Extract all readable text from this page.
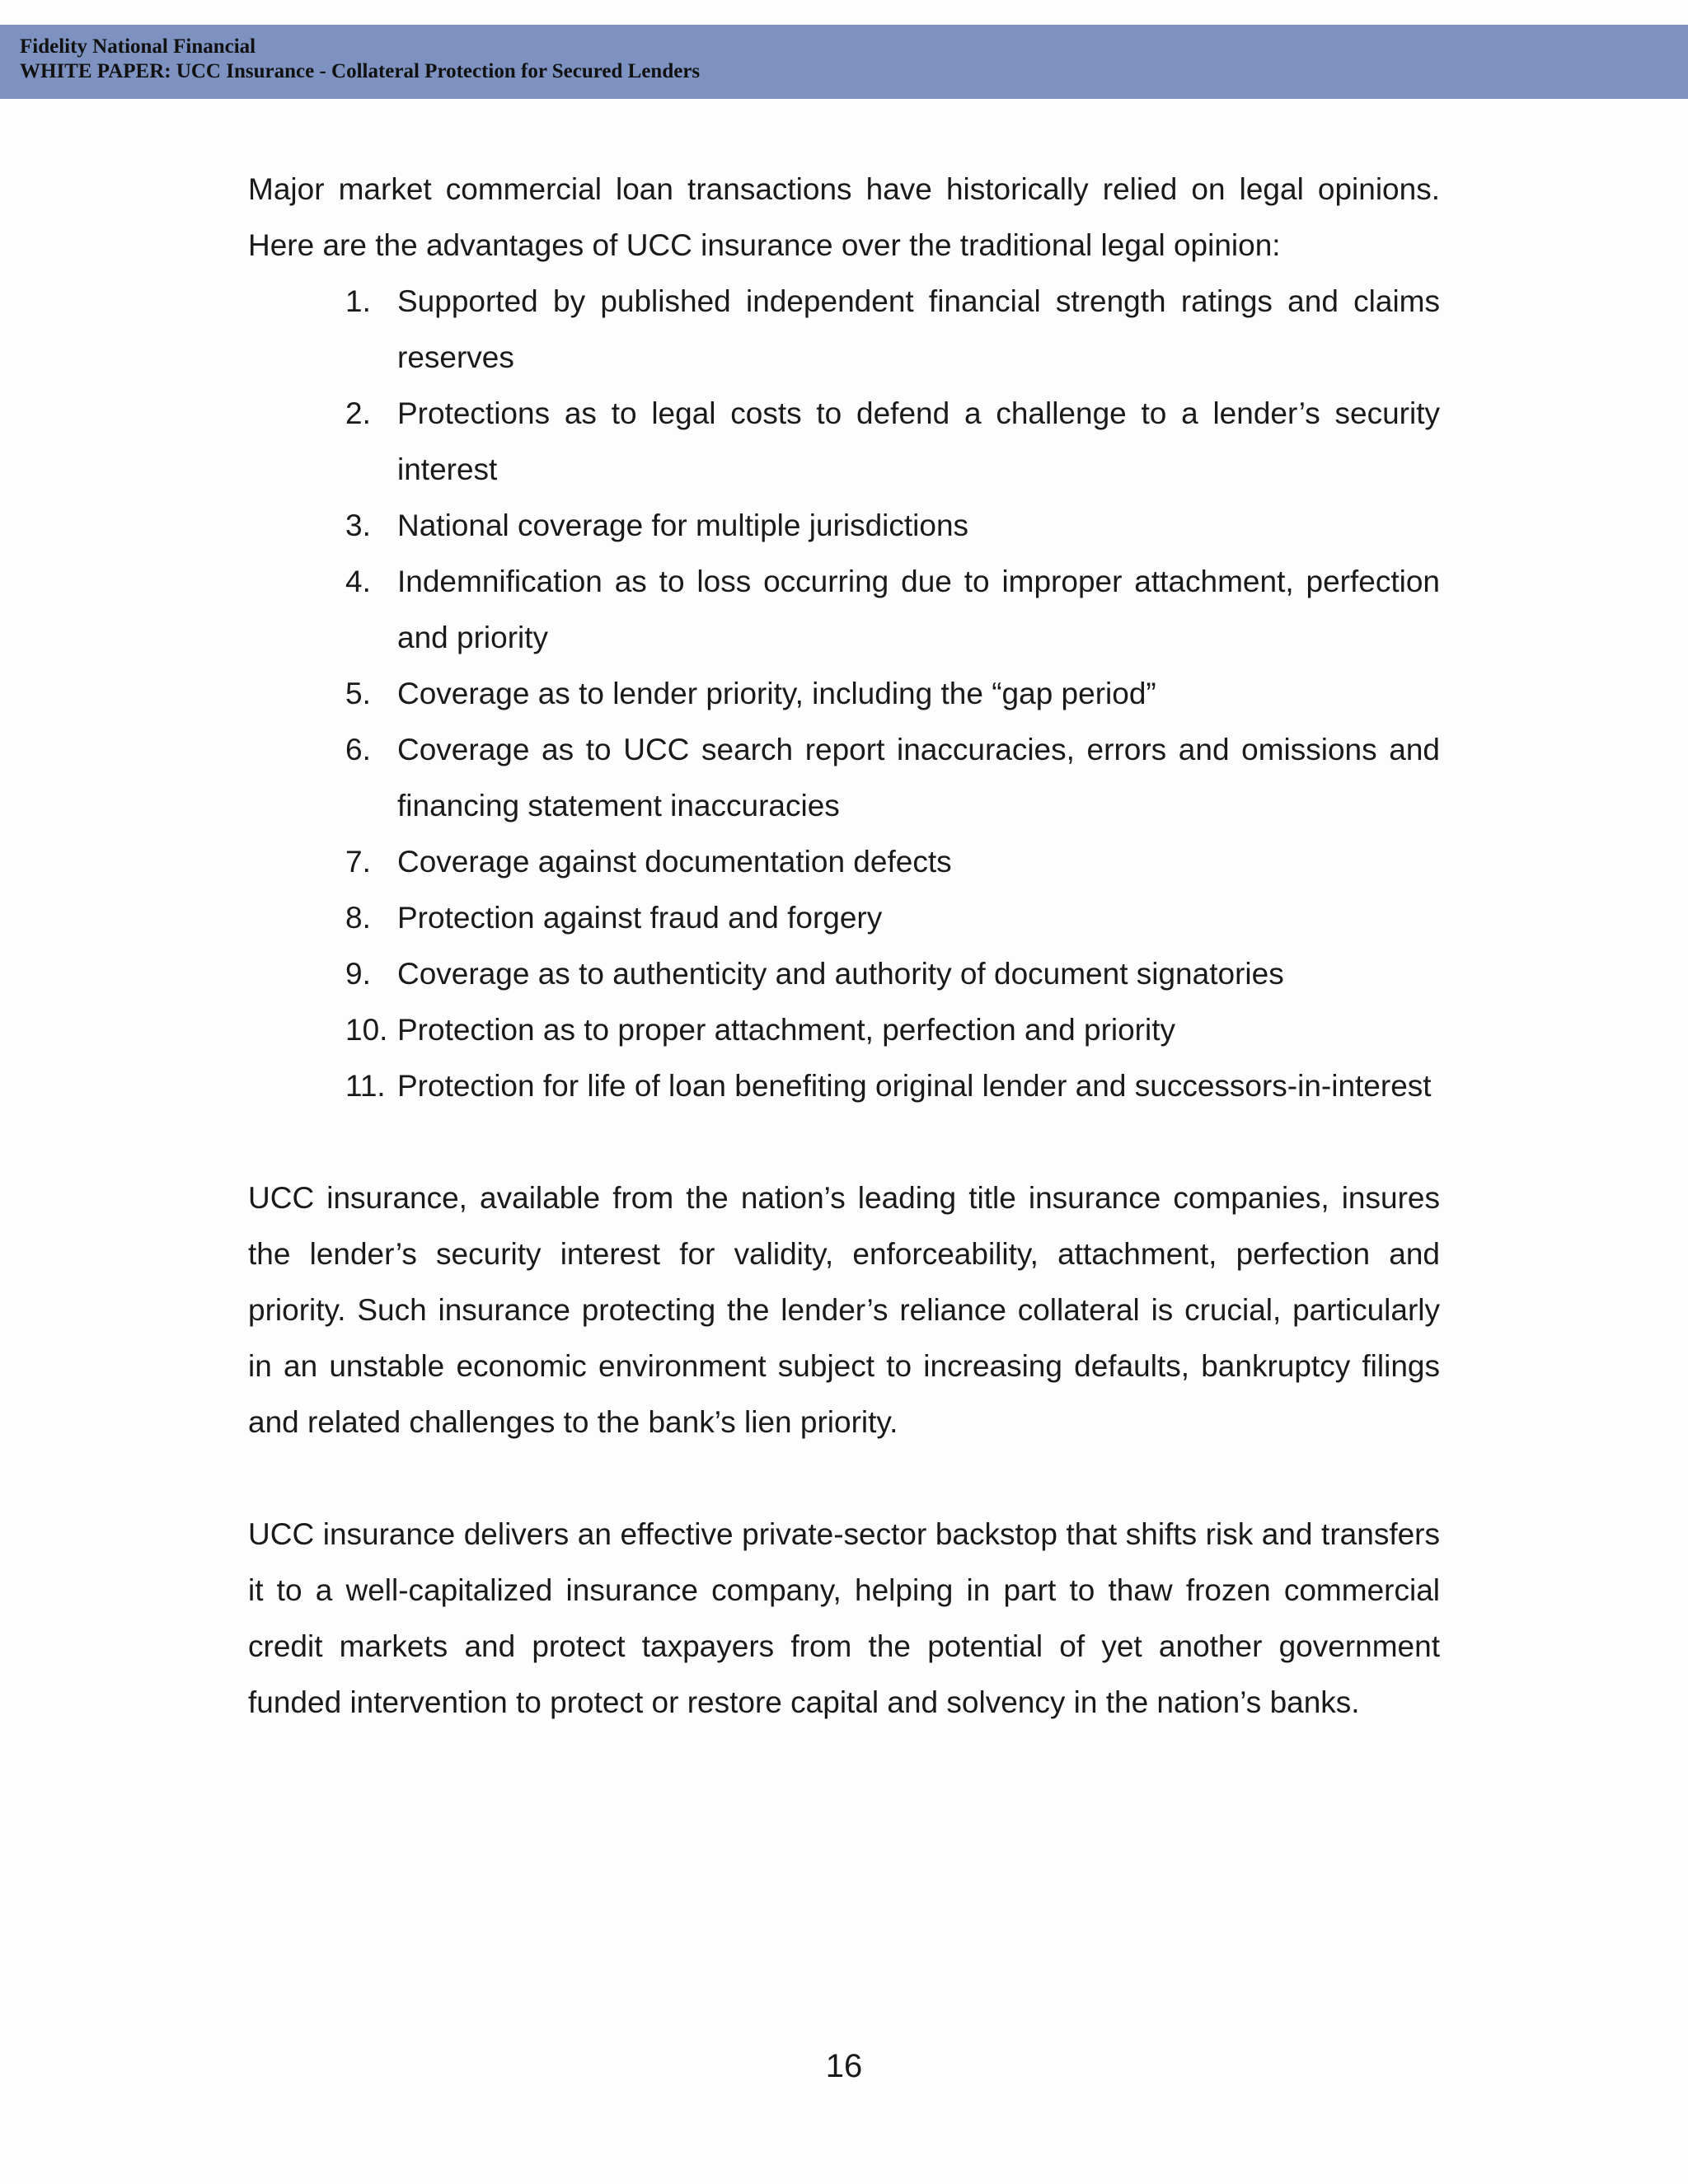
Fidelity National Financial
WHITE PAPER: UCC Insurance - Collateral Protection for Secured Lenders

Major market commercial loan transactions have historically relied on legal opinions. Here are the advantages of UCC insurance over the traditional legal opinion:

1. Supported by published independent financial strength ratings and claims reserves
2. Protections as to legal costs to defend a challenge to a lender’s security interest
3. National coverage for multiple jurisdictions
4. Indemnification as to loss occurring due to improper attachment, perfection and priority
5. Coverage as to lender priority, including the “gap period”
6. Coverage as to UCC search report inaccuracies, errors and omissions and financing statement inaccuracies
7. Coverage against documentation defects
8. Protection against fraud and forgery
9. Coverage as to authenticity and authority of document signatories
10. Protection as to proper attachment, perfection and priority
11. Protection for life of loan benefiting original lender and successors-in-interest

UCC insurance, available from the nation’s leading title insurance companies, insures the lender’s security interest for validity, enforceability, attachment, perfection and priority. Such insurance protecting the lender’s reliance collateral is crucial, particularly in an unstable economic environment subject to increasing defaults, bankruptcy filings and related challenges to the bank’s lien priority.

UCC insurance delivers an effective private-sector backstop that shifts risk and transfers it to a well-capitalized insurance company, helping in part to thaw frozen commercial credit markets and protect taxpayers from the potential of yet another government funded intervention to protect or restore capital and solvency in the nation’s banks.

16
